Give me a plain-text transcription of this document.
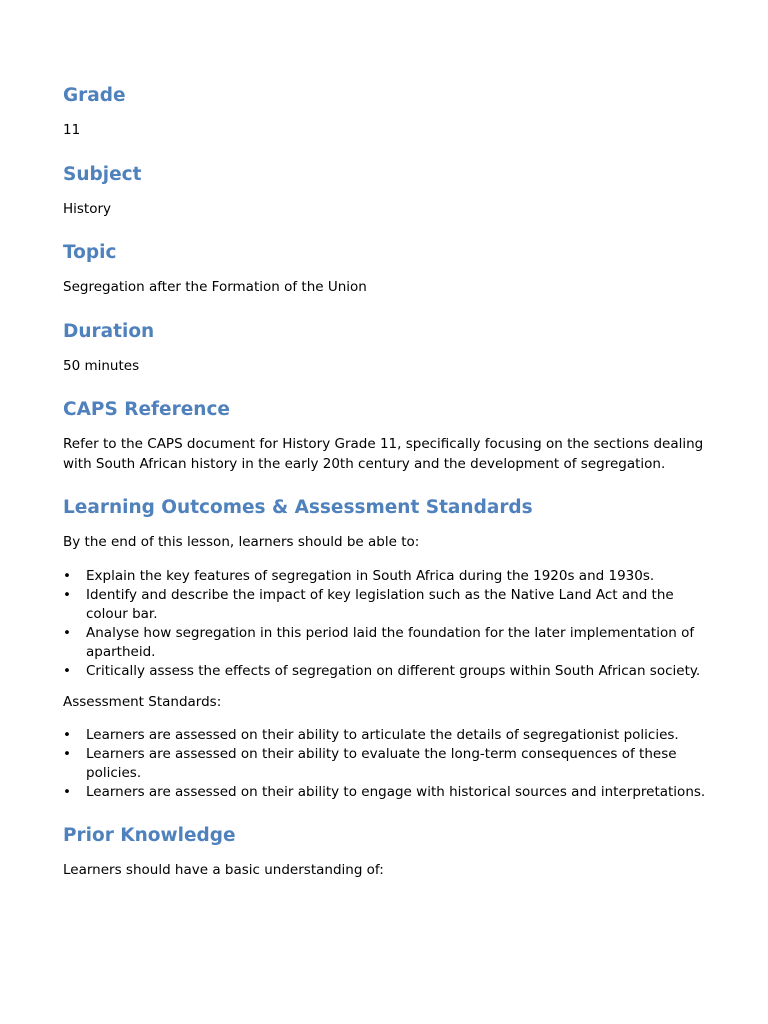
Grade

11

Subject

History

Topic

Segregation after the Formation of the Union

Duration

50 minutes

CAPS Reference

Refer to the CAPS document for History Grade 11, specifically focusing on the sections dealing with South African history in the early 20th century and the development of segregation.

Learning Outcomes & Assessment Standards

By the end of this lesson, learners should be able to:

• Explain the key features of segregation in South Africa during the 1920s and 1930s.
• Identify and describe the impact of key legislation such as the Native Land Act and the colour bar.
• Analyse how segregation in this period laid the foundation for the later implementation of apartheid.
• Critically assess the effects of segregation on different groups within South African society.

Assessment Standards:

• Learners are assessed on their ability to articulate the details of segregationist policies.
• Learners are assessed on their ability to evaluate the long-term consequences of these policies.
• Learners are assessed on their ability to engage with historical sources and interpretations.
Prior Knowledge

Learners should have a basic understanding of:
